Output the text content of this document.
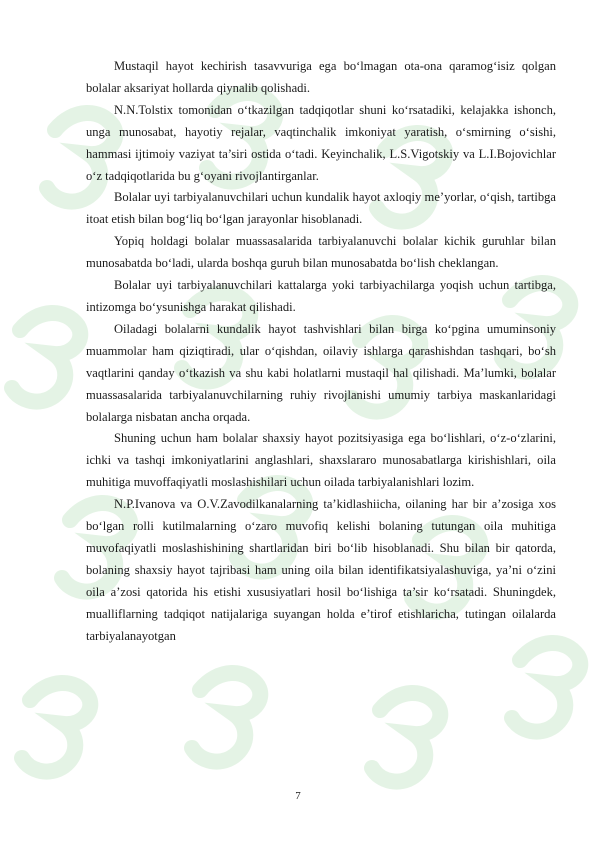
Mustaqil hayot kechirish tasavvuriga ega bo‘lmagan ota-ona qaramog‘isiz qolgan bolalar aksariyat hollarda qiynalib qolishadi.

N.N.Tolstix tomonidan o‘tkazilgan tadqiqotlar shuni ko‘rsatadiki, kelajakka ishonch, unga munosabat, hayotiy rejalar, vaqtinchalik imkoniyat yaratish, o‘smirning o‘sishi, hammasi ijtimoiy vaziyat ta’siri ostida o‘tadi. Keyinchalik, L.S.Vigotskiy va L.I.Bojovichlar o‘z tadqiqotlarida bu g‘oyani rivojlantirganlar.

Bolalar uyi tarbiyalanuvchilari uchun kundalik hayot axloqiy me’yorlar, o‘qish, tartibga itoat etish bilan bog‘liq bo‘lgan jarayonlar hisoblanadi.

Yopiq holdagi bolalar muassasalarida tarbiyalanuvchi bolalar kichik guruhlar bilan munosabatda bo‘ladi, ularda boshqa guruh bilan munosabatda bo‘lish cheklangan.

Bolalar uyi tarbiyalanuvchilari kattalarga yoki tarbiyachilarga yoqish uchun tartibga, intizomga bo‘ysunishga harakat qilishadi.

Oiladagi bolalarni kundalik hayot tashvishlari bilan birga ko‘pgina umuminsoniy muammolar ham qiziqtiradi, ular o‘qishdan, oilaviy ishlarga qarashishdan tashqari, bo‘sh vaqtlarini qanday o‘tkazish va shu kabi holatlarni mustaqil hal qilishadi. Ma’lumki, bolalar muassasalarida tarbiyalanuvchilarning ruhiy rivojlanishi umumiy tarbiya maskanlaridagi bolalarga nisbatan ancha orqada.

Shuning uchun ham bolalar shaxsiy hayot pozitsiyasiga ega bo‘lishlari, o‘z-o‘zlarini, ichki va tashqi imkoniyatlarini anglashlari, shaxslararo munosabatlarga kirishishlari, oila muhitiga muvoffaqiyatli moslashishilari uchun oilada tarbiyalanishlari lozim.

N.P.Ivanova va O.V.Zavodilkanalarning ta’kidlashiicha, oilaning har bir a’zosiga xos bo‘lgan rolli kutilmalarning o‘zaro muvofiq kelishi bolaning tutungan oila muhitiga muvofaqiyatli moslashishining shartlaridan biri bo‘lib hisoblanadi. Shu bilan bir qatorda, bolaning shaxsiy hayot tajribasi ham uning oila bilan identifikatsiyalashuviga, ya’ni o‘zini oila a’zosi qatorida his etishi xususiyatlari hosil bo‘lishiga ta’sir ko‘rsatadi. Shuningdek, mualliflarning tadqiqot natijalariga suyangan holda e’tirof etishlaricha, tutingan oilalarda tarbiyalanayotgan

7
